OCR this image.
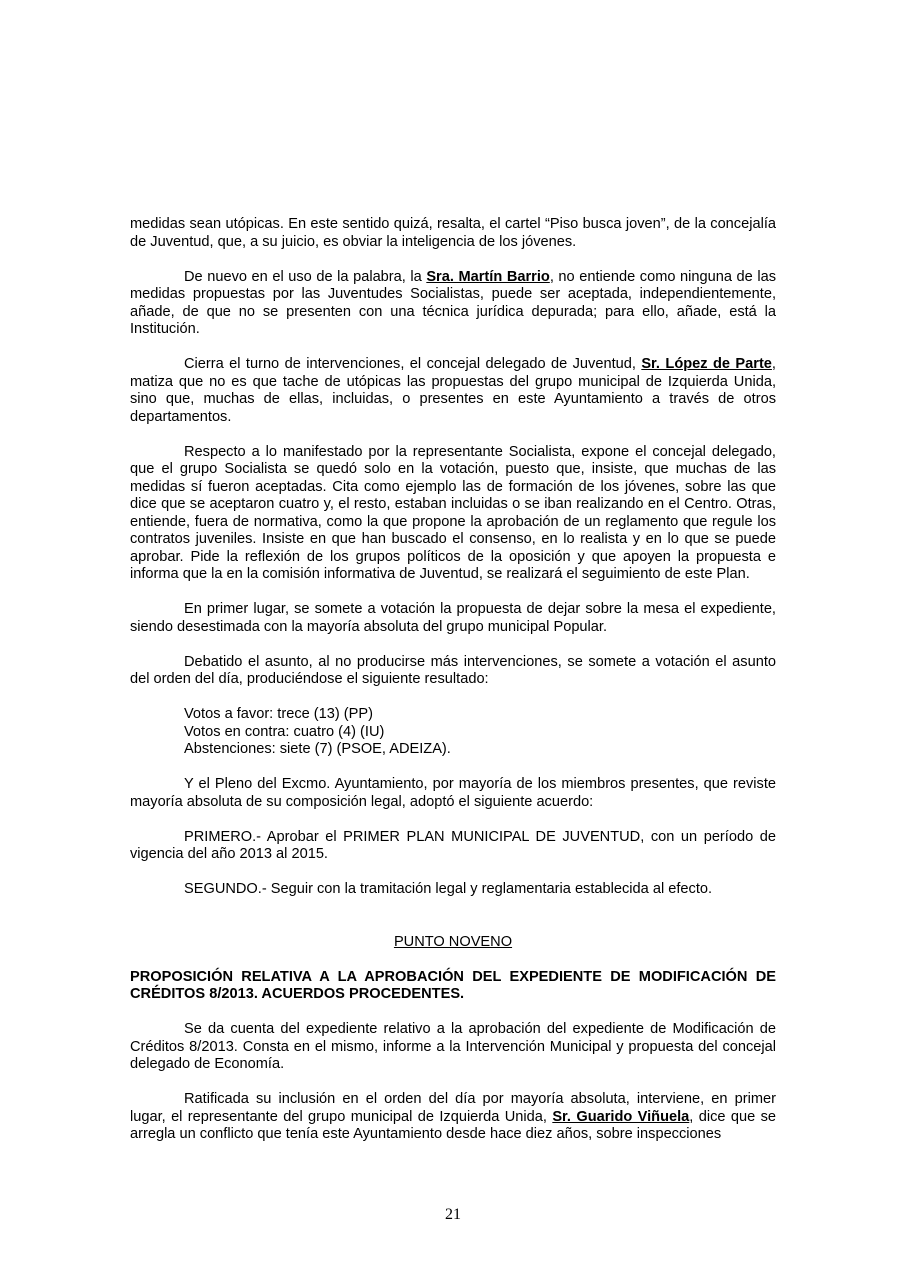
medidas sean utópicas. En este sentido quizá, resalta, el cartel “Piso busca joven”, de la concejalía de Juventud, que, a su juicio, es obviar la inteligencia de los jóvenes.

De nuevo en el uso de la palabra, la Sra. Martín Barrio, no entiende como ninguna de las medidas propuestas por las Juventudes Socialistas, puede ser aceptada, independientemente, añade, de que no se presenten con una técnica jurídica depurada; para ello, añade, está la Institución.

Cierra el turno de intervenciones, el concejal delegado de Juventud, Sr. López de Parte, matiza que no es que tache de utópicas las propuestas del grupo municipal de Izquierda Unida, sino que, muchas de ellas, incluidas, o presentes en este Ayuntamiento a través de otros departamentos.

Respecto a lo manifestado por la representante Socialista, expone el concejal delegado, que el grupo Socialista se quedó solo en la votación, puesto que, insiste, que muchas de las medidas sí fueron aceptadas. Cita como ejemplo las de formación de los jóvenes, sobre las que dice que se aceptaron cuatro y, el resto, estaban incluidas o se iban realizando en el Centro. Otras, entiende, fuera de normativa, como la que propone la aprobación de un reglamento que regule los contratos juveniles. Insiste en que han buscado el consenso, en lo realista y en lo que se puede aprobar. Pide la reflexión de los grupos políticos de la oposición y que apoyen la propuesta e informa que la en la comisión informativa de Juventud, se realizará el seguimiento de este Plan.

En primer lugar, se somete a votación la propuesta de dejar sobre la mesa el expediente, siendo desestimada con la mayoría absoluta del grupo municipal Popular.

Debatido el asunto, al no producirse más intervenciones, se somete a votación el asunto del orden del día, produciéndose el siguiente resultado:

Votos a favor: trece (13) (PP)
Votos en contra: cuatro (4) (IU)
Abstenciones: siete (7) (PSOE, ADEIZA).

Y el Pleno del Excmo. Ayuntamiento, por mayoría de los miembros presentes, que reviste mayoría absoluta de su composición legal, adoptó el siguiente acuerdo:

PRIMERO.- Aprobar el PRIMER PLAN MUNICIPAL DE JUVENTUD, con un período de vigencia del año 2013 al 2015.

SEGUNDO.- Seguir con la tramitación legal y reglamentaria establecida al efecto.

PUNTO NOVENO
PROPOSICIÓN RELATIVA A LA APROBACIÓN DEL EXPEDIENTE DE MODIFICACIÓN DE CRÉDITOS 8/2013. ACUERDOS PROCEDENTES.

Se da cuenta del expediente relativo a la aprobación del expediente de Modificación de Créditos 8/2013. Consta en el mismo, informe a la Intervención Municipal y propuesta del concejal delegado de Economía.

Ratificada su inclusión en el orden del día por mayoría absoluta, interviene, en primer lugar, el representante del grupo municipal de Izquierda Unida, Sr. Guarido Viñuela, dice que se arregla un conflicto que tenía este Ayuntamiento desde hace diez años, sobre inspecciones

21
